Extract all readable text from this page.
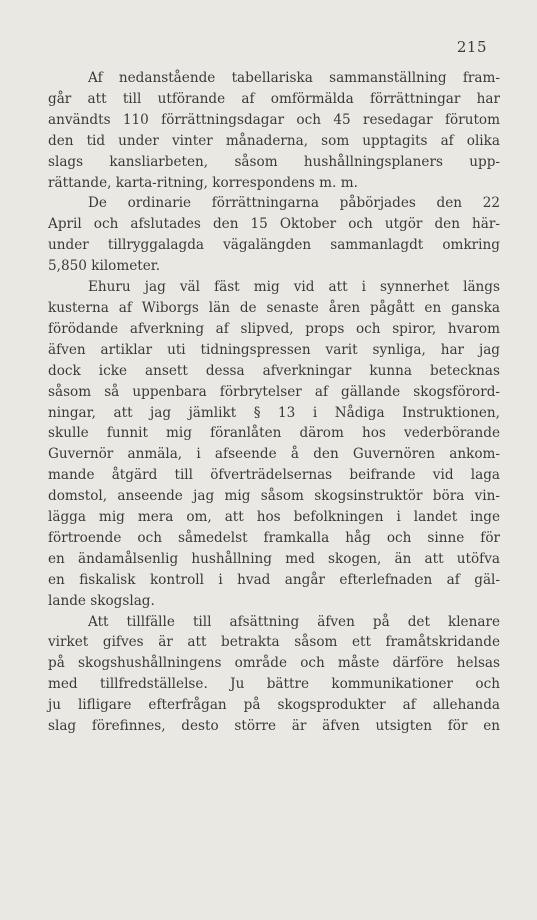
215
Af nedanstående tabellariska sammanställning fram-
går att till utförande af omförmälda förrättningar har
användts 110 förrättningsdagar och 45 resedagar förutom
den tid under vinter månaderna, som upptagits af olika
slags kansliarbeten, såsom hushållningsplaners upp-
rättande, karta-ritning, korrespondens m. m.
De ordinarie förrättningarna påbörjades den 22
April och afslutades den 15 Oktober och utgör den här-
under tillryggalagda vägalängden sammanlagdt omkring
5,850 kilometer.
Ehuru jag väl fäst mig vid att i synnerhet längs
kusterna af Wiborgs län de senaste åren pågått en ganska
förödande afverkning af slipved, props och spiror, hvarom
äfven artiklar uti tidningspressen varit synliga, har jag
dock icke ansett dessa afverkningar kunna betecknas
såsom så uppenbara förbrytelser af gällande skogsförord-
ningar, att jag jämlikt § 13 i Nådiga Instruktionen,
skulle funnit mig föranlåten därom hos vederbörande
Guvernör anmäla, i afseende å den Guvernören ankom-
mande åtgärd till öfverträdelsernas beifrande vid laga
domstol, anseende jag mig såsom skogsinstruktör böra vin-
lägga mig mera om, att hos befolkningen i landet inge
förtroende och såmedelst framkalla håg och sinne för
en ändamålsenlig hushållning med skogen, än att utöfva
en fiskalisk kontroll i hvad angår efterlefnaden af gäl-
lande skogslag.
Att tillfälle till afsättning äfven på det klenare
virket gifves är att betrakta såsom ett framåtskridande
på skogshushållningens område och måste därföre helsas
med tillfredställelse. Ju bättre kommunikationer och
ju lifligare efterfrågan på skogsprodukter af allehanda
slag förefinnes, desto större är äfven utsigten för en
